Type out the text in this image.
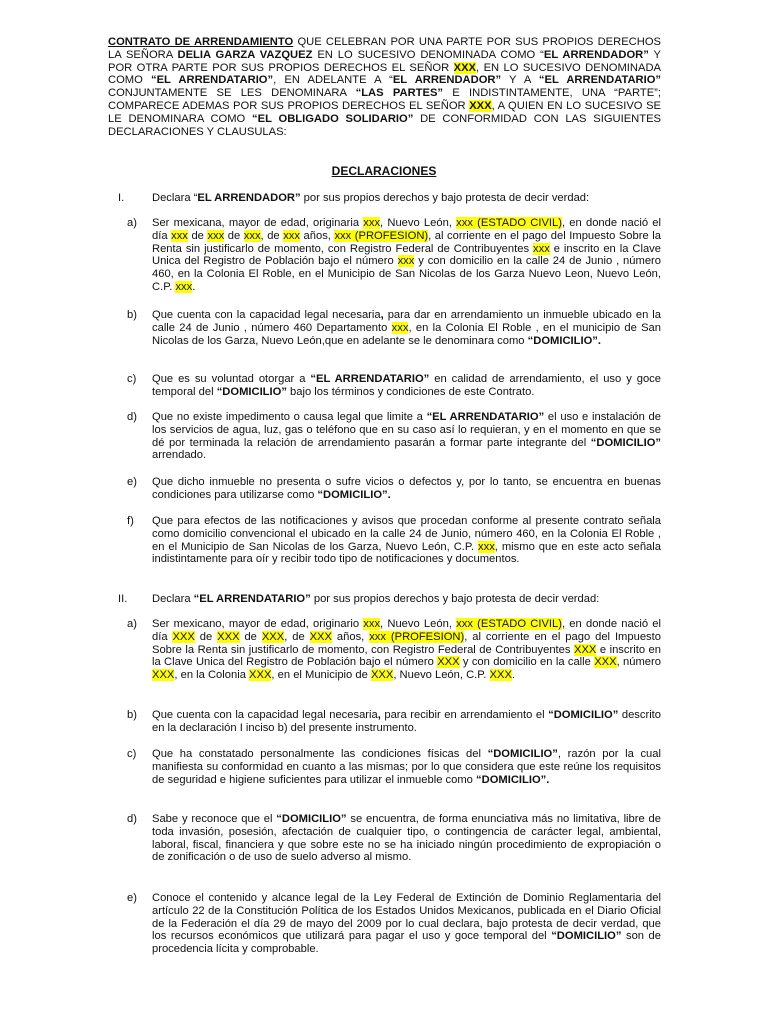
CONTRATO DE ARRENDAMIENTO QUE CELEBRAN POR UNA PARTE POR SUS PROPIOS DERECHOS LA SEÑORA DELIA GARZA VAZQUEZ EN LO SUCESIVO DENOMINADA COMO “EL ARRENDADOR” Y POR OTRA PARTE POR SUS PROPIOS DERECHOS EL SEÑOR XXX, EN LO SUCESIVO DENOMINADA COMO “EL ARRENDATARIO”, EN ADELANTE A “EL ARRENDADOR” Y A “EL ARRENDATARIO” CONJUNTAMENTE SE LES DENOMINARA “LAS PARTES” E INDISTINTAMENTE, UNA “PARTE”; COMPARECE ADEMAS POR SUS PROPIOS DERECHOS EL SEÑOR XXX, A QUIEN EN LO SUCESIVO SE LE DENOMINARA COMO “EL OBLIGADO SOLIDARIO” DE CONFORMIDAD CON LAS SIGUIENTES DECLARACIONES Y CLAUSULAS:
DECLARACIONES
I. Declara “EL ARRENDADOR” por sus propios derechos y bajo protesta de decir verdad:
a) Ser mexicana, mayor de edad, originaria xxx, Nuevo León, xxx (ESTADO CIVIL), en donde nació el día xxx de xxx de xxx, de xxx años, xxx (PROFESION), al corriente en el pago del Impuesto Sobre la Renta sin justificarlo de momento, con Registro Federal de Contribuyentes xxx e inscrito en la Clave Unica del Registro de Población bajo el número xxx y con domicilio en la calle 24 de Junio , número 460, en la Colonia El Roble, en el Municipio de San Nicolas de los Garza Nuevo Leon, Nuevo León, C.P. xxx.
b) Que cuenta con la capacidad legal necesaria, para dar en arrendamiento un inmueble ubicado en la calle 24 de Junio , número 460 Departamento xxx, en la Colonia El Roble , en el municipio de San Nicolas de los Garza, Nuevo León,que en adelante se le denominara como “DOMICILIO”.
c) Que es su voluntad otorgar a “EL ARRENDATARIO” en calidad de arrendamiento, el uso y goce temporal del “DOMICILIO” bajo los términos y condiciones de este Contrato.
d) Que no existe impedimento o causa legal que limite a “EL ARRENDATARIO” el uso e instalación de los servicios de agua, luz, gas o teléfono que en su caso así lo requieran, y en el momento en que se dé por terminada la relación de arrendamiento pasarán a formar parte integrante del “DOMICILIO” arrendado.
e) Que dicho inmueble no presenta o sufre vicios o defectos y, por lo tanto, se encuentra en buenas condiciones para utilizarse como “DOMICILIO”.
f) Que para efectos de las notificaciones y avisos que procedan conforme al presente contrato señala como domicilio convencional el ubicado en la calle 24 de Junio, número 460, en la Colonia El Roble , en el Municipio de San Nicolas de los Garza, Nuevo León, C.P. xxx, mismo que en este acto señala indistintamente para oír y recibir todo tipo de notificaciones y documentos.
II. Declara “EL ARRENDATARIO” por sus propios derechos y bajo protesta de decir verdad:
a) Ser mexicano, mayor de edad, originario xxx, Nuevo León, xxx (ESTADO CIVIL), en donde nació el día XXX de XXX de XXX, de XXX años, xxx (PROFESION), al corriente en el pago del Impuesto Sobre la Renta sin justificarlo de momento, con Registro Federal de Contribuyentes XXX e inscrito en la Clave Unica del Registro de Población bajo el número XXX y con domicilio en la calle XXX, número XXX, en la Colonia XXX, en el Municipio de XXX, Nuevo León, C.P. XXX.
b) Que cuenta con la capacidad legal necesaria, para recibir en arrendamiento el “DOMICILIO” descrito en la declaración I inciso b) del presente instrumento.
c) Que ha constatado personalmente las condiciones físicas del “DOMICILIO”, razón por la cual manifiesta su conformidad en cuanto a las mismas; por lo que considera que este reúne los requisitos de seguridad e higiene suficientes para utilizar el inmueble como “DOMICILIO”.
d) Sabe y reconoce que el “DOMICILIO” se encuentra, de forma enunciativa más no limitativa, libre de toda invasión, posesión, afectación de cualquier tipo, o contingencia de carácter legal, ambiental, laboral, fiscal, financiera y que sobre este no se ha iniciado ningún procedimiento de expropiación o de zonificación o de uso de suelo adverso al mismo.
e) Conoce el contenido y alcance legal de la Ley Federal de Extinción de Dominio Reglamentaria del artículo 22 de la Constitución Política de los Estados Unidos Mexicanos, publicada en el Diario Oficial de la Federación el día 29 de mayo del 2009 por lo cual declara, bajo protesta de decir verdad, que los recursos económicos que utilizará para pagar el uso y goce temporal del “DOMICILIO” son de procedencia lícita y comprobable.
